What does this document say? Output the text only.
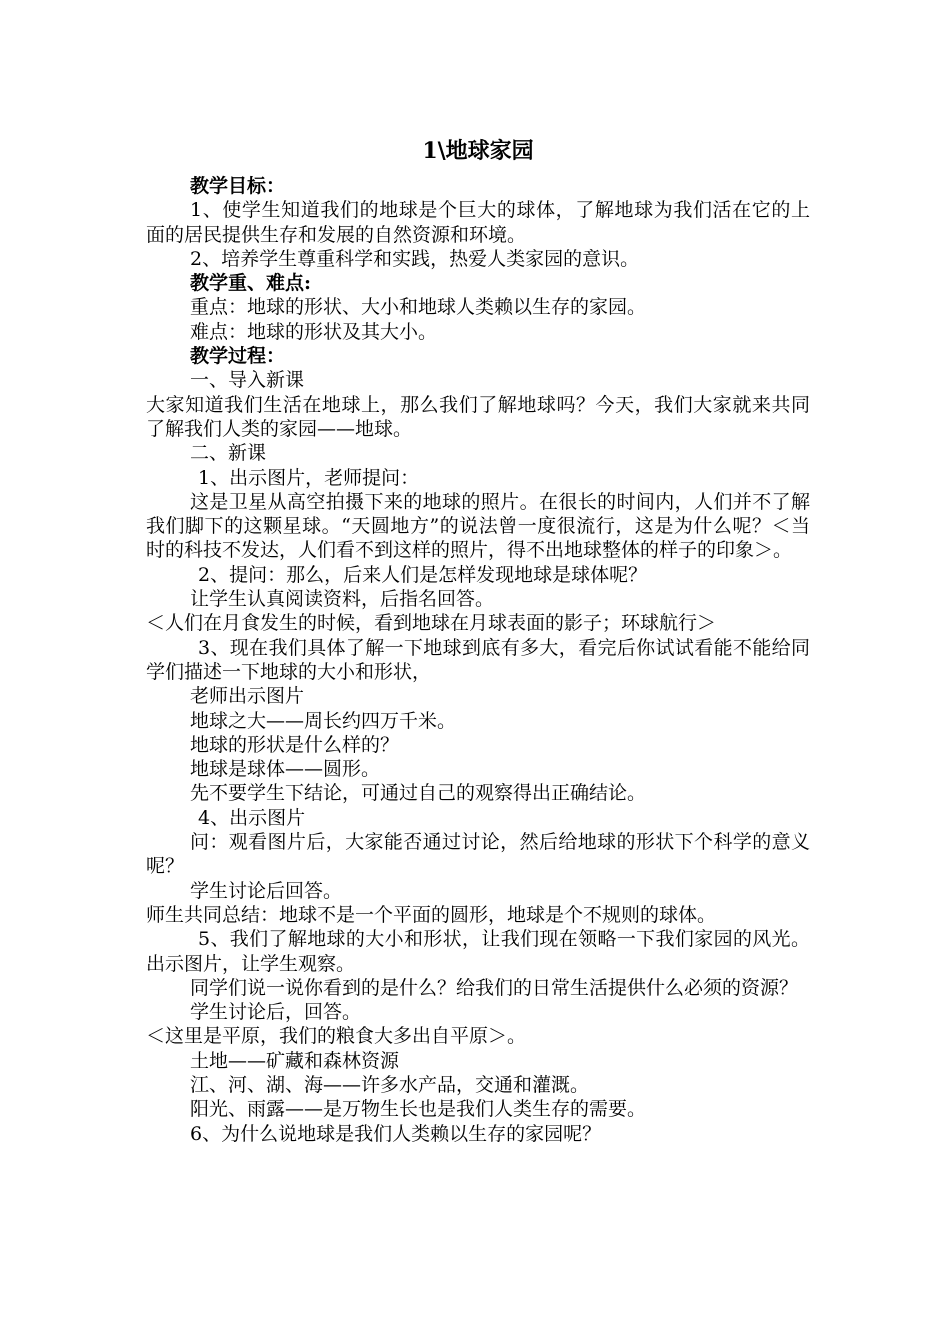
1\地球家园

教学目标：

1、使学生知道我们的地球是个巨大的球体，了解地球为我们活在它的上面的居民提供生存和发展的自然资源和环境。

2、培养学生尊重科学和实践，热爱人类家园的意识。

教学重、难点:

重点：地球的形状、大小和地球人类赖以生存的家园。

难点：地球的形状及其大小。

教学过程：

一、导入新课

大家知道我们生活在地球上，那么我们了解地球吗？今天，我们大家就来共同了解我们人类的家园——地球。

二、新课

1、出示图片，老师提问：

这是卫星从高空拍摄下来的地球的照片。在很长的时间内，人们并不了解我们脚下的这颗星球。“天圆地方”的说法曾一度很流行，这是为什么呢？＜当时的科技不发达，人们看不到这样的照片，得不出地球整体的样子的印象＞。

2、提问：那么，后来人们是怎样发现地球是球体呢？

让学生认真阅读资料，后指名回答。

＜人们在月食发生的时候，看到地球在月球表面的影子；环球航行＞

3、现在我们具体了解一下地球到底有多大，看完后你试试看能不能给同学们描述一下地球的大小和形状，

老师出示图片

地球之大——周长约四万千米。

地球的形状是什么样的？

地球是球体——圆形。

先不要学生下结论，可通过自己的观察得出正确结论。

4、出示图片

问：观看图片后，大家能否通过讨论，然后给地球的形状下个科学的意义呢？

学生讨论后回答。

师生共同总结：地球不是一个平面的圆形，地球是个不规则的球体。

5、我们了解地球的大小和形状，让我们现在领略一下我们家园的风光。出示图片，让学生观察。

同学们说一说你看到的是什么？给我们的日常生活提供什么必须的资源？

学生讨论后，回答。

＜这里是平原，我们的粮食大多出自平原＞。

土地——矿藏和森林资源

江、河、湖、海——许多水产品，交通和灌溉。

阳光、雨露——是万物生长也是我们人类生存的需要。

6、为什么说地球是我们人类赖以生存的家园呢？
